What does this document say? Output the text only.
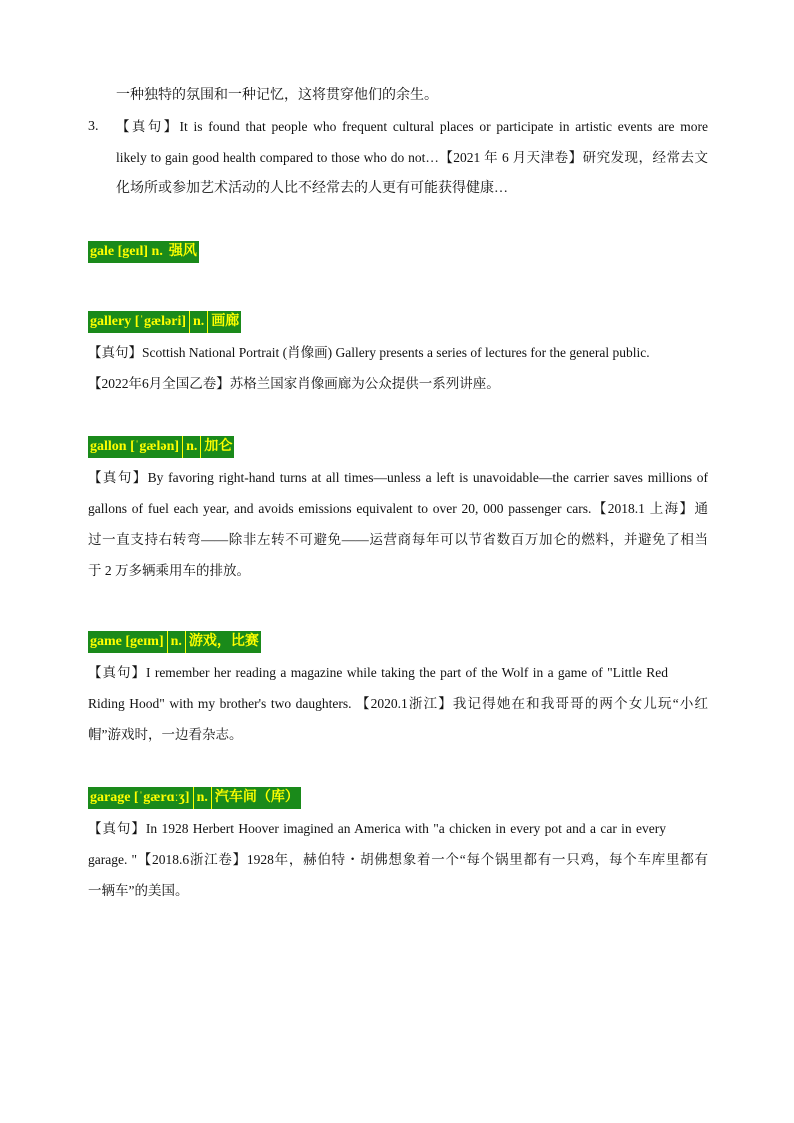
一种独特的氛围和一种记忆，这将贯穿他们的余生。
3. 【真句】It is found that people who frequent cultural places or participate in artistic events are more
likely to gain good health compared to those who do not…【2021 年 6 月天津卷】研究发现，经常去文
化场所或参加艺术活动的人比不经常去的人更有可能获得健康…
gale [geɪl] n. 强风
gallery [ˈgæləri] n. 画廊
【真句】Scottish National Portrait (肖像画) Gallery presents a series of lectures for the general public.
【2022年6月全国乙卷】苏格兰国家肖像画廊为公众提供一系列讲座。
gallon [ˈgælən] n. 加仑
【真句】By favoring right-hand turns at all times—unless a left is unavoidable—the carrier saves millions of
gallons of fuel each year, and avoids emissions equivalent to over 20, 000 passenger cars.【2018.1 上海】通
过一直支持右转弯——除非左转不可避免——运营商每年可以节省数百万加仑的燃料，并避免了相当
于 2 万多辆乘用车的排放。
game [geɪm] n. 游戏，比赛
【真句】I remember her reading a magazine while taking the part of the Wolf in a game of "Little Red
Riding Hood" with my brother's two daughters. 【2020.1浙江】我记得她在和我哥哥的两个女儿玩“小红
帽”游戏时，一边看杂志。
garage [ˈgærɑːʒ] n. 汽车间（库）
【真句】In 1928 Herbert Hoover imagined an America with "a chicken in every pot and a car in every
garage. "【2018.6浙江卷】1928年，赫伯特・胡佛想象着一个“每个锅里都有一只鸡，每个车库里都有
一辆车”的美国。
